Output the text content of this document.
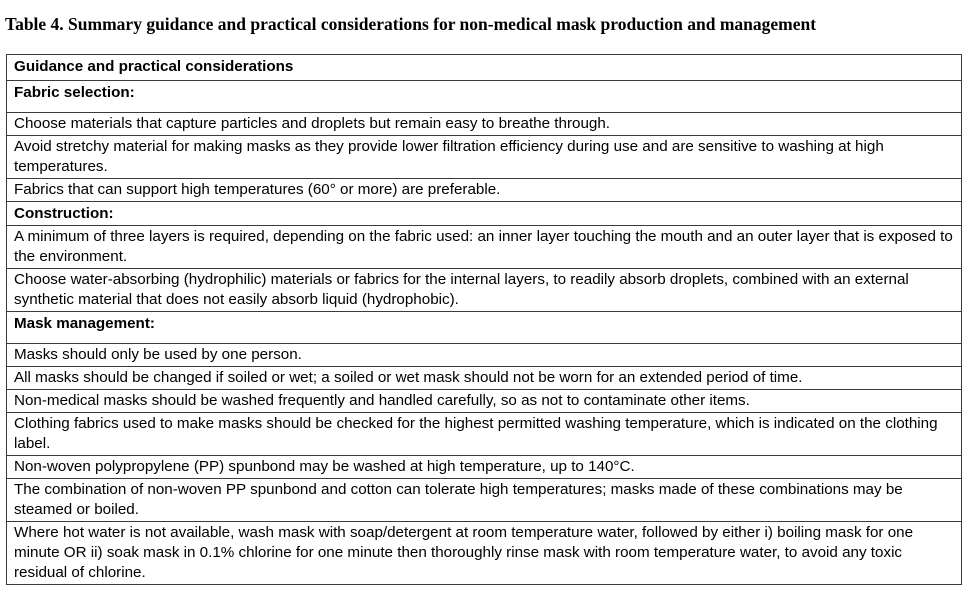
Table 4. Summary guidance and practical considerations for non-medical mask production and management
Guidance and practical considerations
Fabric selection:
Choose materials that capture particles and droplets but remain easy to breathe through.
Avoid stretchy material for making masks as they provide lower filtration efficiency during use and are sensitive to washing at high temperatures.
Fabrics that can support high temperatures (60° or more) are preferable.
Construction:
A minimum of three layers is required, depending on the fabric used: an inner layer touching the mouth and an outer layer that is exposed to the environment.
Choose water-absorbing (hydrophilic) materials or fabrics for the internal layers, to readily absorb droplets, combined with an external synthetic material that does not easily absorb liquid (hydrophobic).
Mask management:
Masks should only be used by one person.
All masks should be changed if soiled or wet; a soiled or wet mask should not be worn for an extended period of time.
Non-medical masks should be washed frequently and handled carefully, so as not to contaminate other items.
Clothing fabrics used to make masks should be checked for the highest permitted washing temperature, which is indicated on the clothing label.
Non-woven polypropylene (PP) spunbond may be washed at high temperature, up to 140°C.
The combination of non-woven PP spunbond and cotton can tolerate high temperatures; masks made of these combinations may be steamed or boiled.
Where hot water is not available, wash mask with soap/detergent at room temperature water, followed by either i) boiling mask for one minute OR ii) soak mask in 0.1% chlorine for one minute then thoroughly rinse mask with room temperature water, to avoid any toxic residual of chlorine.
